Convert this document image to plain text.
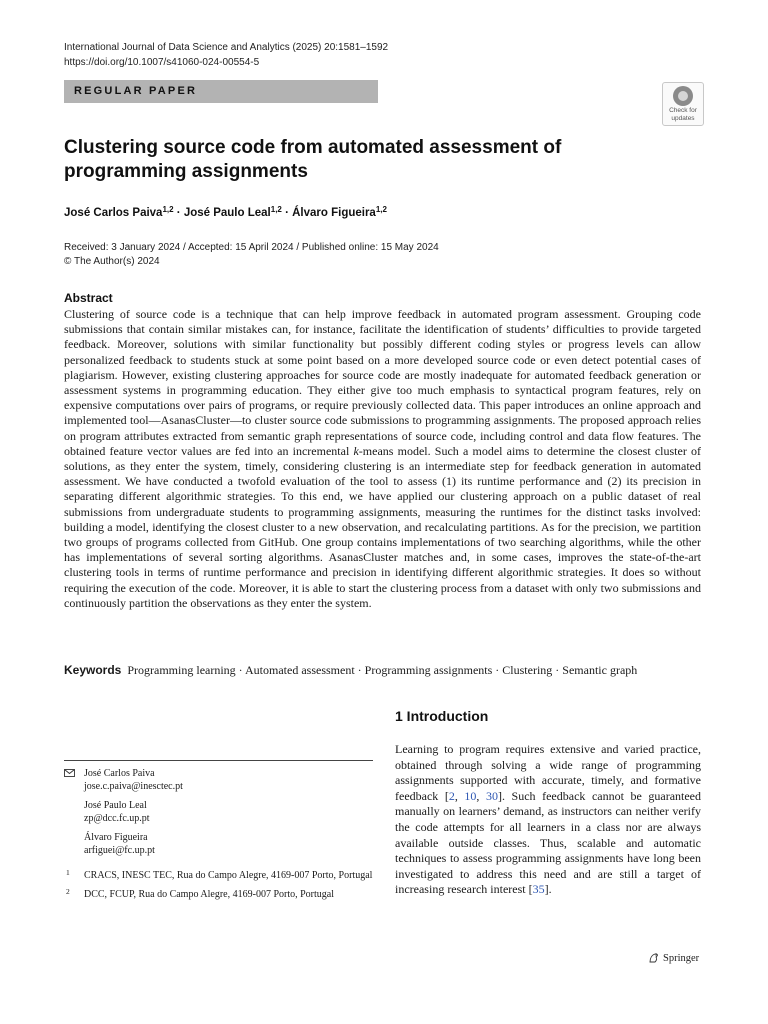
International Journal of Data Science and Analytics (2025) 20:1581–1592
https://doi.org/10.1007/s41060-024-00554-5
REGULAR PAPER
Check for
updates
Clustering source code from automated assessment of programming assignments
José Carlos Paiva$^{1,2}$ · José Paulo Leal$^{1,2}$ · Álvaro Figueira$^{1,2}$
Received: 3 January 2024 / Accepted: 15 April 2024 / Published online: 15 May 2024
© The Author(s) 2024
Abstract
Clustering of source code is a technique that can help improve feedback in automated program assessment. Grouping code submissions that contain similar mistakes can, for instance, facilitate the identification of students’ difficulties to provide targeted feedback. Moreover, solutions with similar functionality but possibly different coding styles or progress levels can allow personalized feedback to students stuck at some point based on a more developed source code or even detect potential cases of plagiarism. However, existing clustering approaches for source code are mostly inadequate for automated feedback generation or assessment systems in programming education. They either give too much emphasis to syntactical program features, rely on expensive computations over pairs of programs, or require previously collected data. This paper introduces an online approach and implemented tool—AsanasCluster—to cluster source code submissions to programming assignments. The proposed approach relies on program attributes extracted from semantic graph representations of source code, including control and data flow features. The obtained feature vector values are fed into an incremental k-means model. Such a model aims to determine the closest cluster of solutions, as they enter the system, timely, considering clustering is an intermediate step for feedback generation in automated assessment. We have conducted a twofold evaluation of the tool to assess (1) its runtime performance and (2) its precision in separating different algorithmic strategies. To this end, we have applied our clustering approach on a public dataset of real submissions from undergraduate students to programming assignments, measuring the runtimes for the distinct tasks involved: building a model, identifying the closest cluster to a new observation, and recalculating partitions. As for the precision, we partition two groups of programs collected from GitHub. One group contains implementations of two searching algorithms, while the other has implementations of several sorting algorithms. AsanasCluster matches and, in some cases, improves the state-of-the-art clustering tools in terms of runtime performance and precision in identifying different algorithmic strategies. It does so without requiring the execution of the code. Moreover, it is able to start the clustering process from a dataset with only two submissions and continuously partition the observations as they enter the system.
Keywords Programming learning · Automated assessment · Programming assignments · Clustering · Semantic graph
José Carlos Paiva
jose.c.paiva@inesctec.pt
José Paulo Leal
zp@dcc.fc.up.pt
Álvaro Figueira
arfiguei@fc.up.pt
1 CRACS, INESC TEC, Rua do Campo Alegre, 4169-007 Porto, Portugal
2 DCC, FCUP, Rua do Campo Alegre, 4169-007 Porto, Portugal
1 Introduction
Learning to program requires extensive and varied practice, obtained through solving a wide range of programming assignments supported with accurate, timely, and formative feedback [2, 10, 30]. Such feedback cannot be guaranteed manually on learners’ demand, as instructors can neither verify the code attempts for all learners in a class nor are always available outside classes. Thus, scalable and automatic techniques to assess programming assignments have long been investigated to address this need and are still a target of increasing research interest [35].
Springer
